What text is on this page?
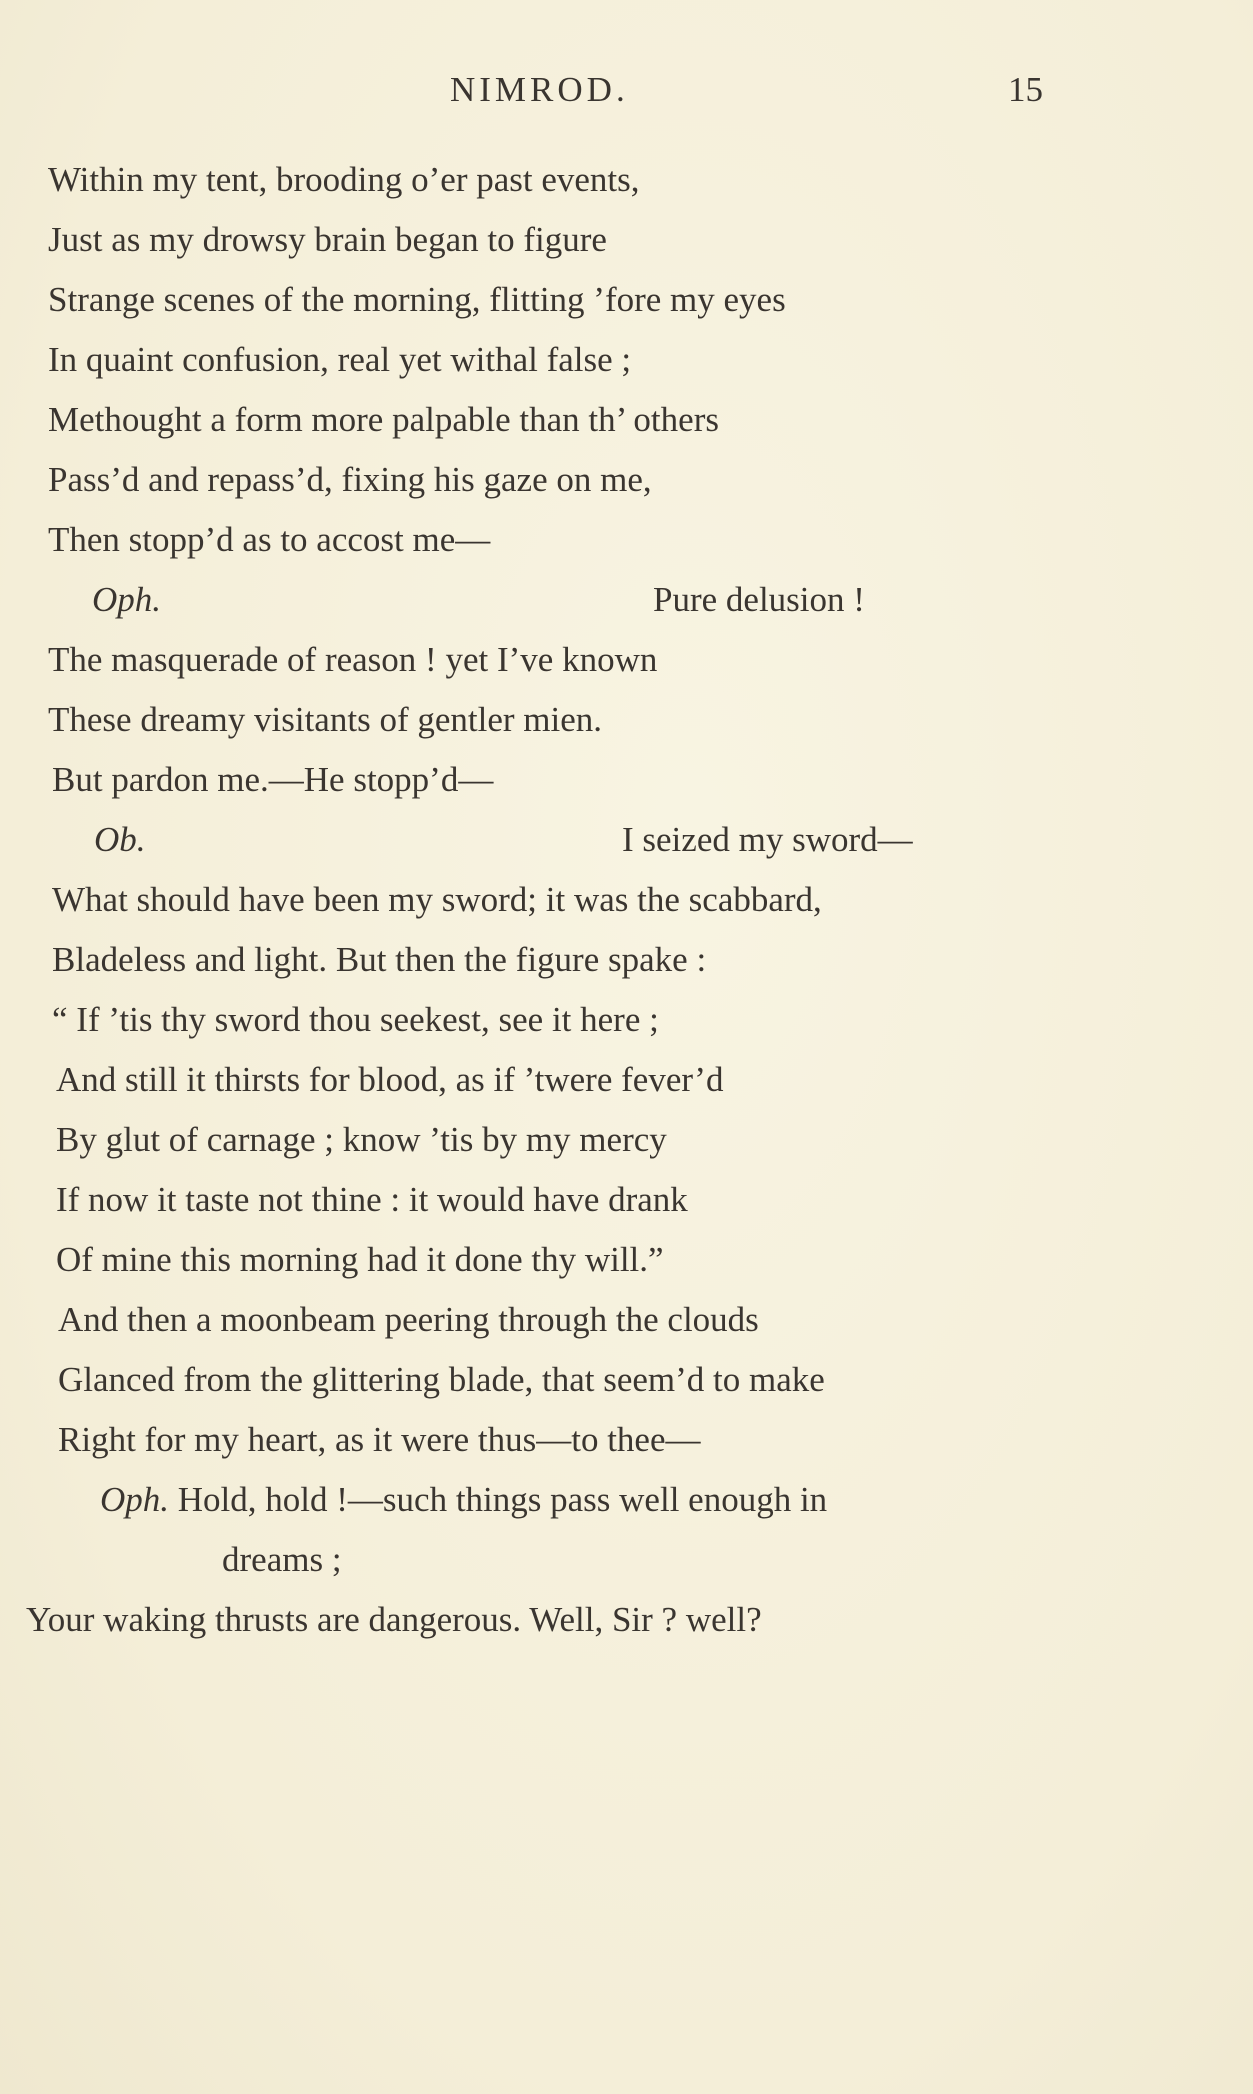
NIMROD.	15
Within my tent, brooding o’er past events,
Just as my drowsy brain began to figure
Strange scenes of the morning, flitting ’fore my eyes
In quaint confusion, real yet withal false ;
Methought a form more palpable than th’ others
Pass’d and repass’d, fixing his gaze on me,
Then stopp’d as to accost me—
Oph.	Pure delusion !
The masquerade of reason ! yet I’ve known
These dreamy visitants of gentler mien.
But pardon me.—He stopp’d—
Ob.	I seized my sword—
What should have been my sword; it was the scabbard,
Bladeless and light. But then the figure spake :
“ If ’tis thy sword thou seekest, see it here ;
And still it thirsts for blood, as if ’twere fever’d
By glut of carnage ; know ’tis by my mercy
If now it taste not thine : it would have drank
Of mine this morning had it done thy will.”
And then a moonbeam peering through the clouds
Glanced from the glittering blade, that seem’d to make
Right for my heart, as it were thus—to thee—
Oph. Hold, hold !—such things pass well enough in
dreams ;
Your waking thrusts are dangerous. Well, Sir ? well?
